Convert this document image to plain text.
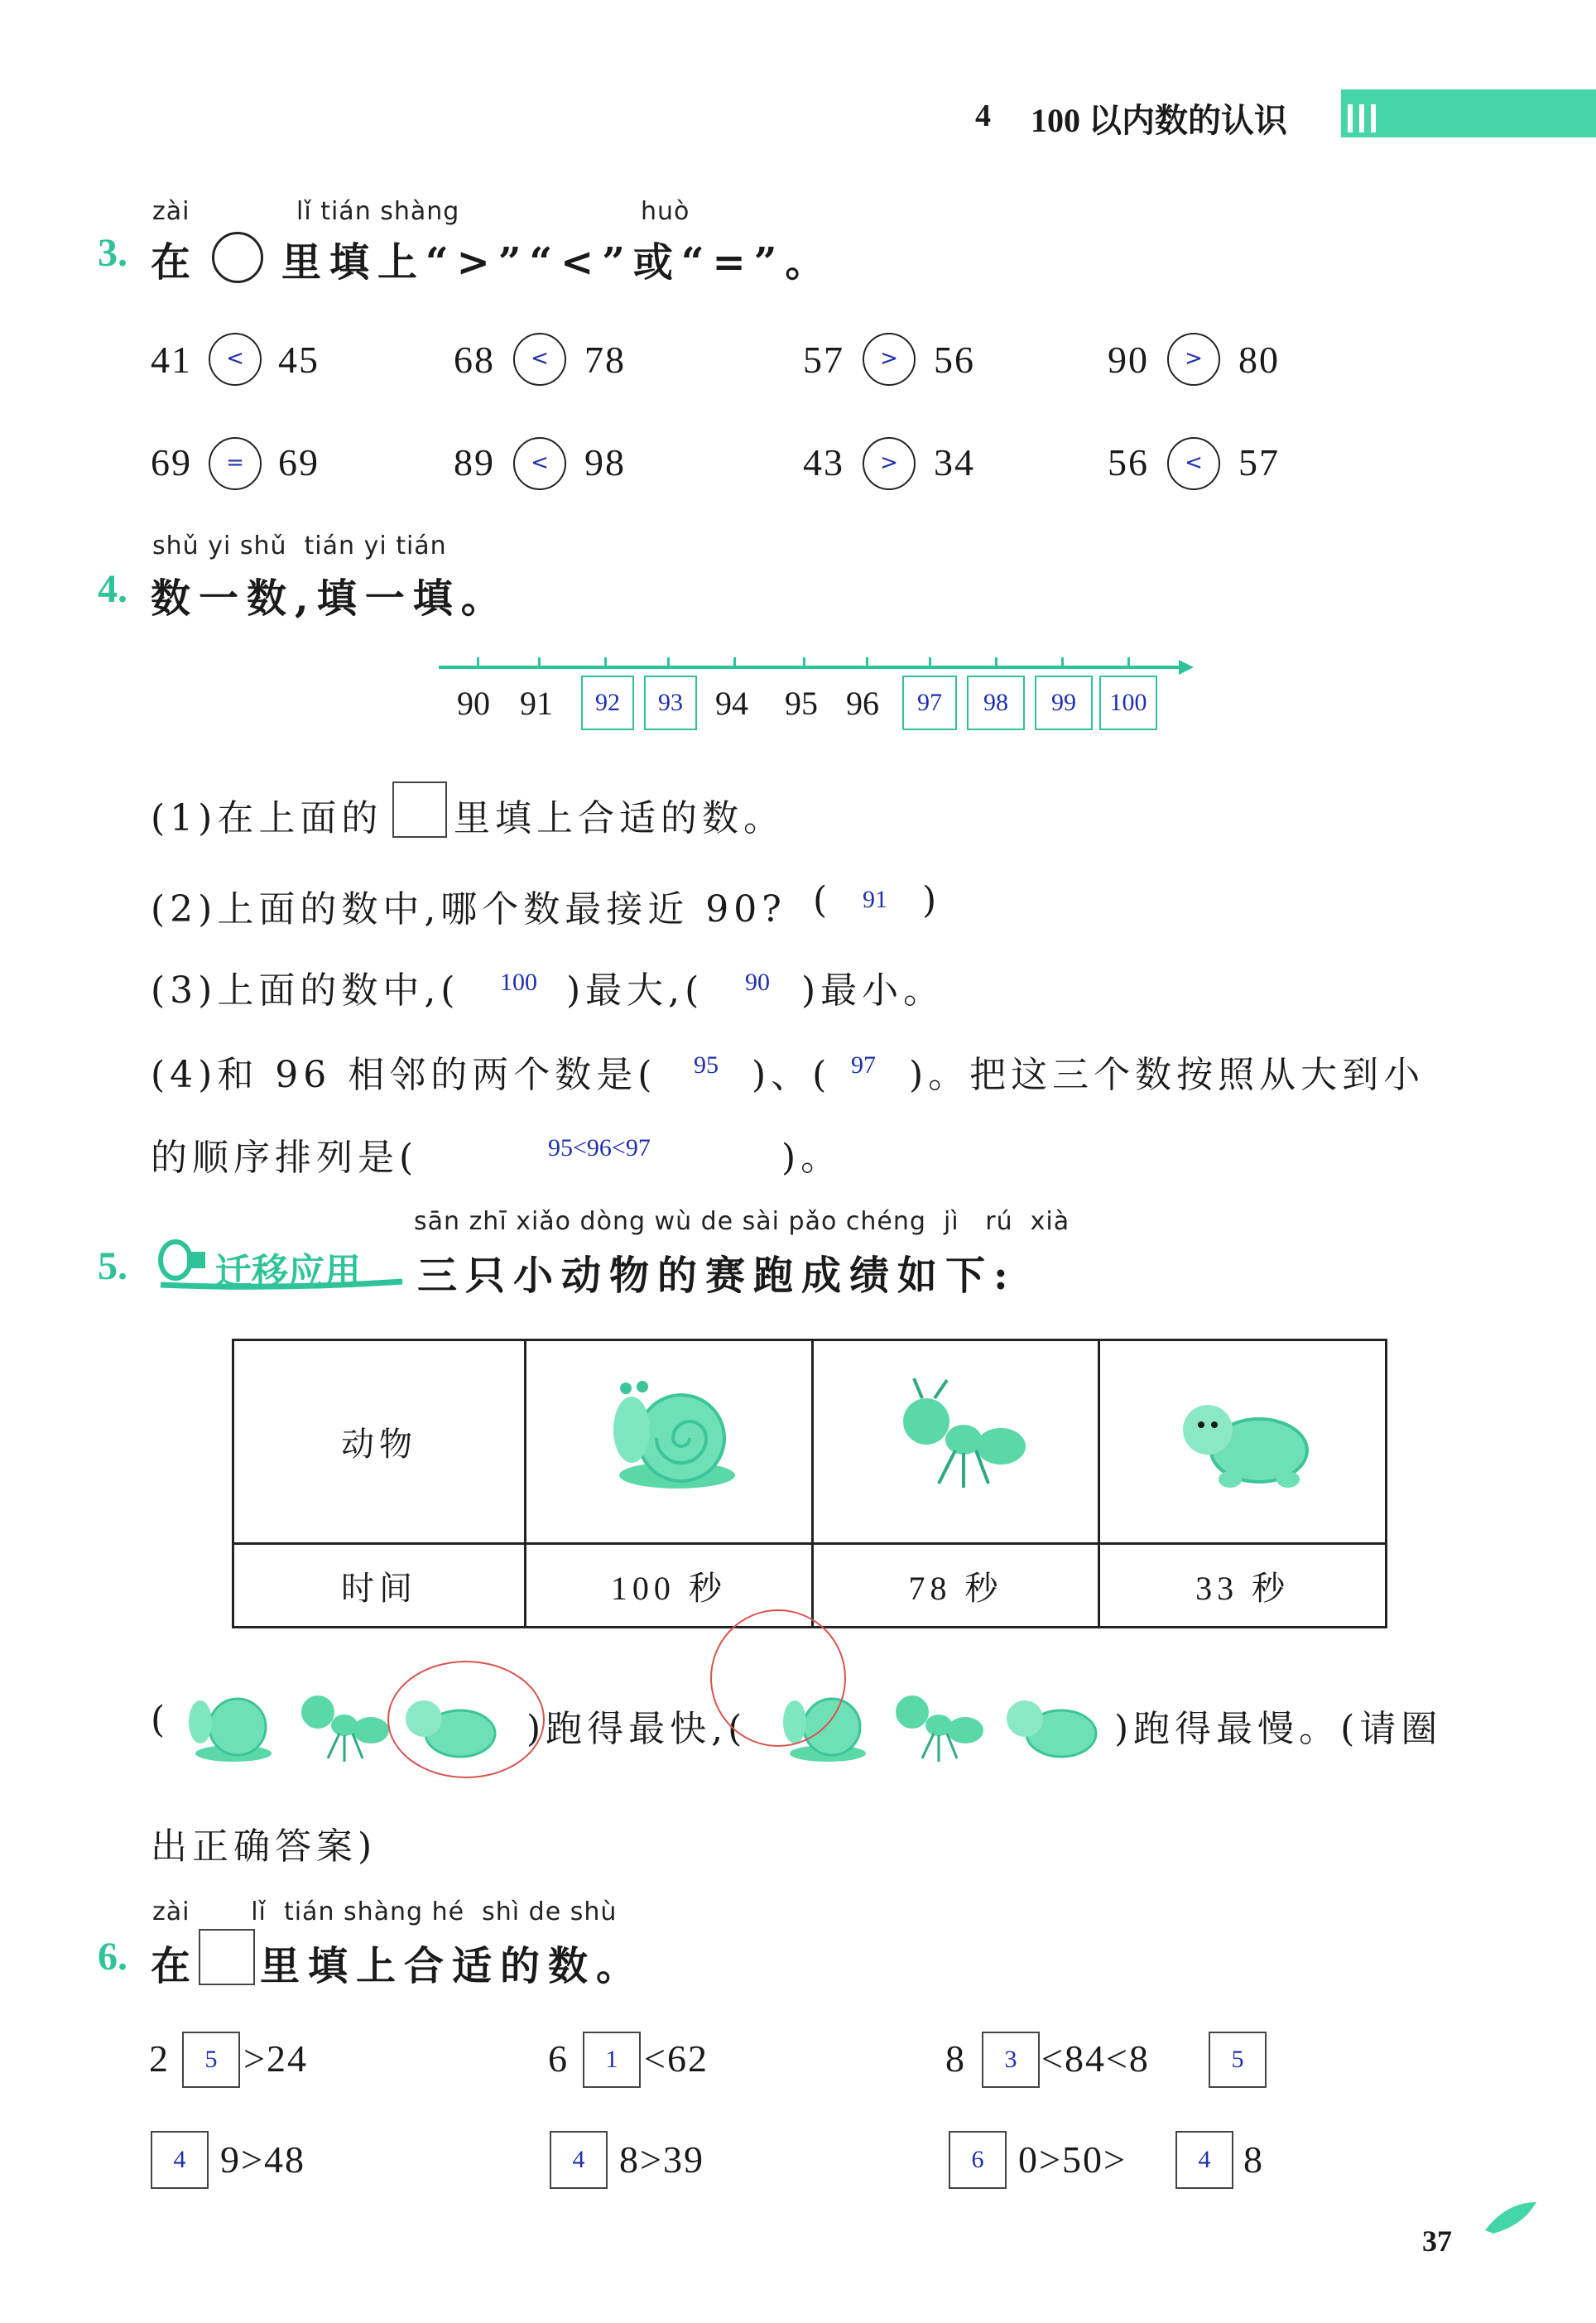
4 100 以内数的认识
zài	lǐ tián shàng	huò
3. 在 里填上“>”“<”或“=”。
41	< 45	68	< 78	57	> 56	90	> 80
69	= 69	89	< 98	43	> 34	56	< 57
shǔ yi shǔ  tián yi tián
4. 数一数,填一填。
90 91	92	93 94 95 96	97	98	99	100
(1)在上面的 里填上合适的数。
(2)上面的数中,哪个数最接近 90? ( 91 )
(3)上面的数中,( 100 )最大,( 90 )最小。
(4)和 96 相邻的两个数是( 95 )、( 97 )。把这三个数按照从大到小
的顺序排列是(	95<96<97	)。
sān zhī xiǎo dòng wù de sài pǎo chéng  jì   rú  xià
5. 迁移应用 三只小动物的赛跑成绩如下:
动物			
时间	100 秒	78 秒	33 秒
(	)跑得最快,(	)跑得最慢。(请圈
出正确答案)
zài       lǐ  tián shàng hé  shì de shù
6. 在 里填上合适的数。
2	5 >24	6	1 <62	8	3 <84<8	5
4 9>48	4 8>39	6 0>50>	4 8
37
